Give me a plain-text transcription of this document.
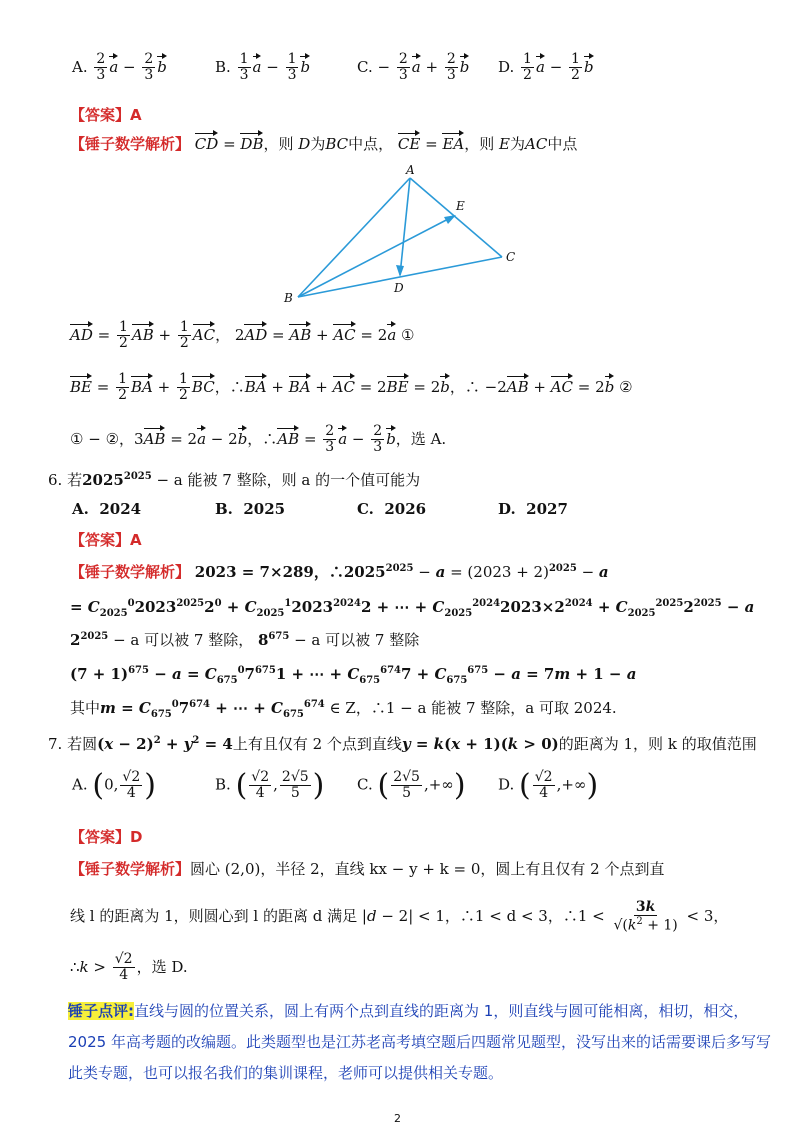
A. $\frac{2}{3}$ $a - \frac{2}{3}$ b	B. $\frac{1}{3}$ $a - \frac{1}{3}$ b	C. − $\frac{2}{3}$ $a + \frac{2}{3}$ b D. $\frac{1}{2}$ $a - \frac{1}{2}$ b
【答案】A
【锤子数学解析】 CD = DB，则 D为BC中点， CE = EA，则 E为AC中点
A
E
C
D
B
AD = $\frac{1}{2}$ AB + $\frac{1}{2}$ AC， 2AD = AB + AC = 2a ①
BE = $\frac{1}{2}$ BA + $\frac{1}{2}$ BC，∴BA + BA + AC = 2BE = 2b，∴ −2AB + AC = 2b ②
① − ②，3AB = 2a − 2b，∴AB = $\frac{2}{3}$ $a - \frac{2}{3}$ b，选 A.
6. 若$2025^{2025} - a$ 能被 7 整除，则 a 的一个值可能为
A. 2024	B. 2025	C. 2026	D. 2027
【答案】A
【锤子数学解析】 2023 = 7×289，$\therefore 2025^{2025} - a = (2023 + 2)^{2025} - a$
= $C_{2025}^02023^{2025}2^0 + C_{2025}^12023^{2024}2$ + ⋯ + $C_{2025}^{2024}2023\times 2^{2024} + C_{2025}^{2025}2^{2025} - a$
$2^{2025} - a$ 可以被 7 整除， $8^{675} - a$ 可以被 7 整除
$(7 + 1)^{675} - a = C_{675}^07^{675}1$ + ⋯ + $C_{675}^{674}7 + C_{675}^{675} - a = 7m + 1 - a$
其中$m = C_{675}^07^{674}$ + ⋯ + $C_{675}^{674}$ ∈ Z，∴1 − a 能被 7 整除，a 可取 2024.
7. 若圆$(x - 2)^2 + y^2 = 4$上有且仅有 2 个点到直线y = k(x + 1)(k > 0)的距离为 1，则 k 的取值范围
A. (0, $\frac{√2}{4}$ )	B. ( $\frac{√2}{4}$ , $\frac{2√5}{5}$ ) C. ( $\frac{2√5}{5}$ ,+∞) D. ( $\frac{√2}{4}$ ,+∞)
【答案】D
【锤子数学解析】圆心 (2,0)，半径 2，直线 kx − y + k = 0，圆上有且仅有 2 个点到直
线 l 的距离为 1，则圆心到 l 的距离 d 满足 |d − 2| < 1，∴1 < d < 3，∴1 < $\frac{3k}{√(k^2 + 1)} < 3$，
∴k > $\frac{√2}{4}$ ，选 D.
锤子点评:直线与圆的位置关系，圆上有两个点到直线的距离为 1，则直线与圆可能相离，相切，相交，2025 年高考题的改编题。此类题型也是江苏老高考填空题后四题常见题型，没写出来的话需要课后多写写此类专题，也可以报名我们的集训课程，老师可以提供相关专题。
2
